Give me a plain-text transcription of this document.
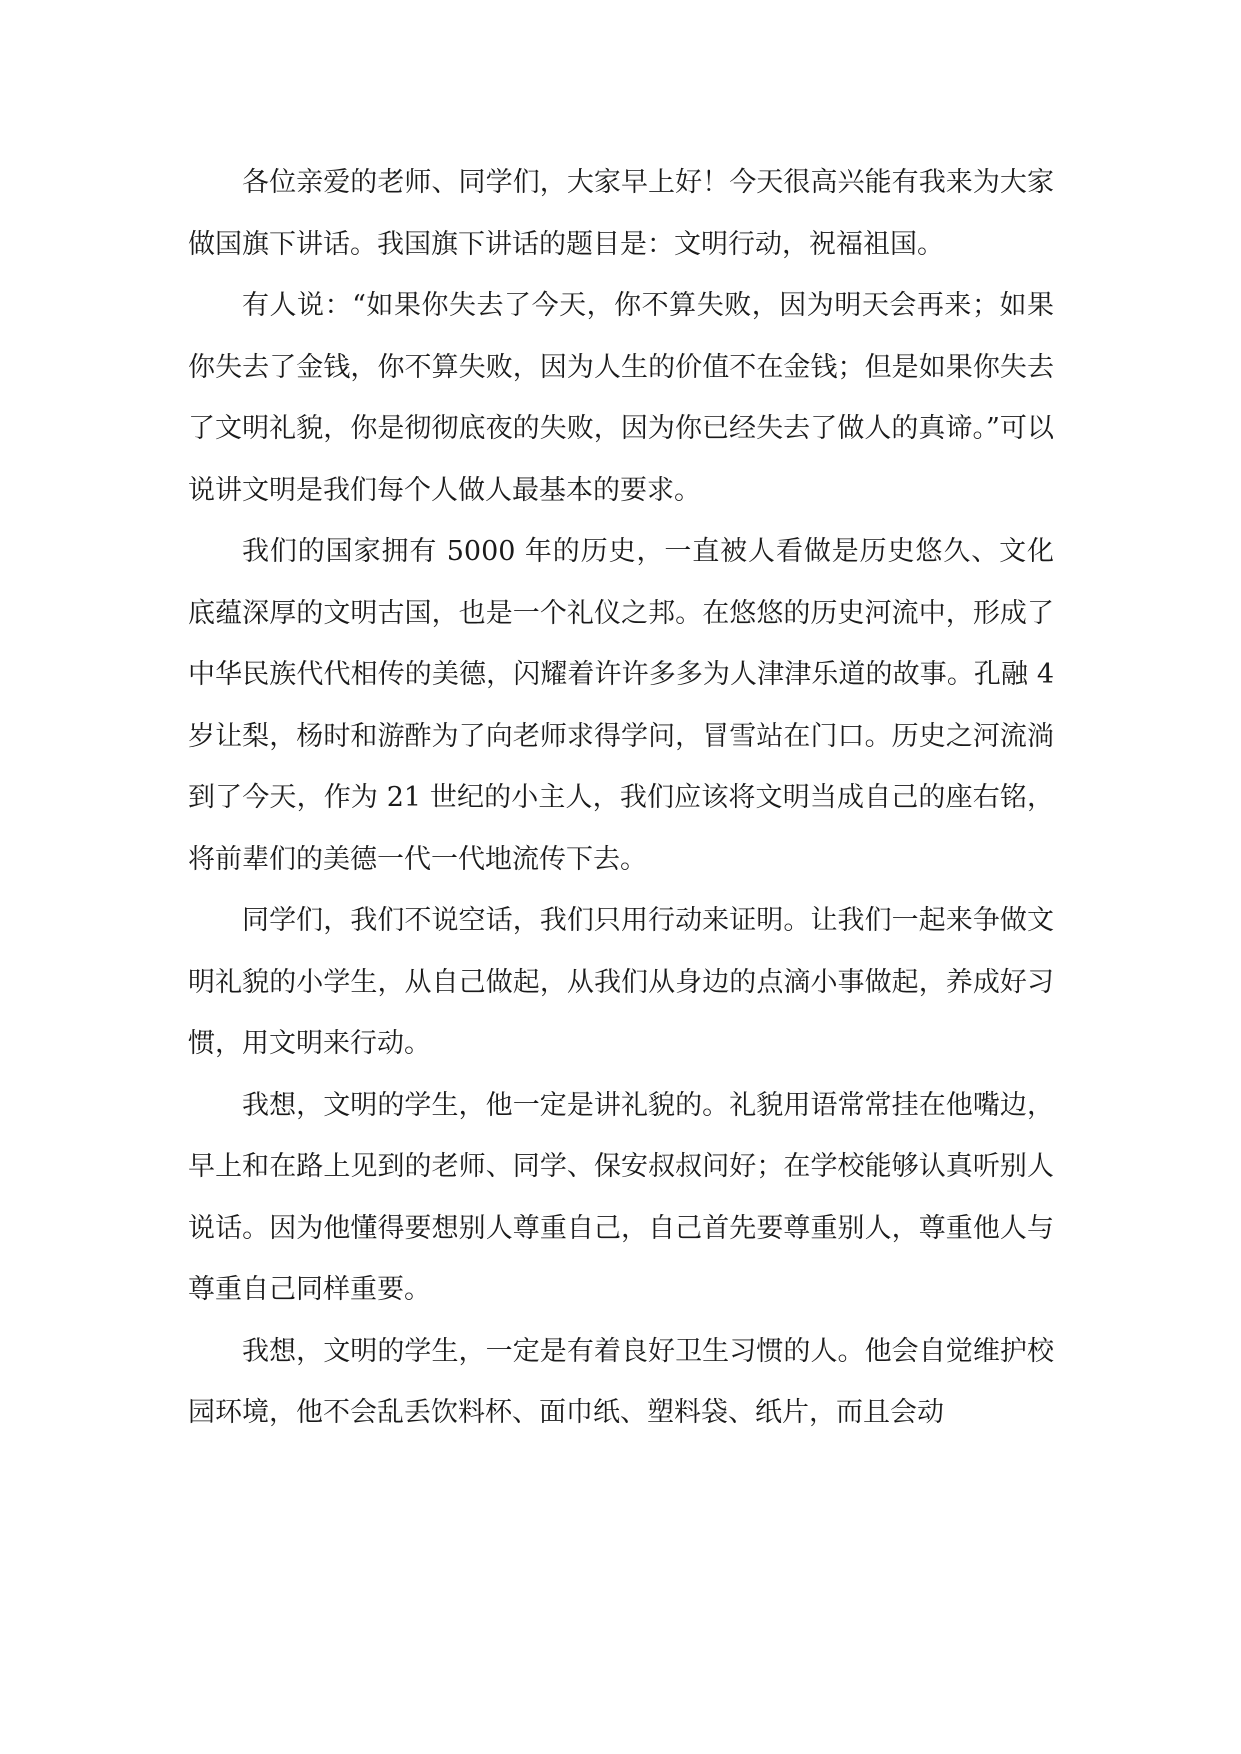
各位亲爱的老师、同学们，大家早上好！今天很高兴能有我来为大家做国旗下讲话。我国旗下讲话的题目是：文明行动，祝福祖国。

有人说：“如果你失去了今天，你不算失败，因为明天会再来；如果你失去了金钱，你不算失败，因为人生的价值不在金钱；但是如果你失去了文明礼貌，你是彻彻底夜的失败，因为你已经失去了做人的真谛。”可以说讲文明是我们每个人做人最基本的要求。

我们的国家拥有 5000 年的历史，一直被人看做是历史悠久、文化底蕴深厚的文明古国，也是一个礼仪之邦。在悠悠的历史河流中，形成了中华民族代代相传的美德，闪耀着许许多多为人津津乐道的故事。孔融 4 岁让梨，杨时和游酢为了向老师求得学问，冒雪站在门口。历史之河流淌到了今天，作为 21 世纪的小主人，我们应该将文明当成自己的座右铭，将前辈们的美德一代一代地流传下去。

同学们，我们不说空话，我们只用行动来证明。让我们一起来争做文明礼貌的小学生，从自己做起，从我们从身边的点滴小事做起，养成好习惯，用文明来行动。

我想，文明的学生，他一定是讲礼貌的。礼貌用语常常挂在他嘴边，早上和在路上见到的老师、同学、保安叔叔问好；在学校能够认真听别人说话。因为他懂得要想别人尊重自己，自己首先要尊重别人，尊重他人与尊重自己同样重要。

我想，文明的学生，一定是有着良好卫生习惯的人。他会自觉维护校园环境，他不会乱丢饮料杯、面巾纸、塑料袋、纸片，而且会动
